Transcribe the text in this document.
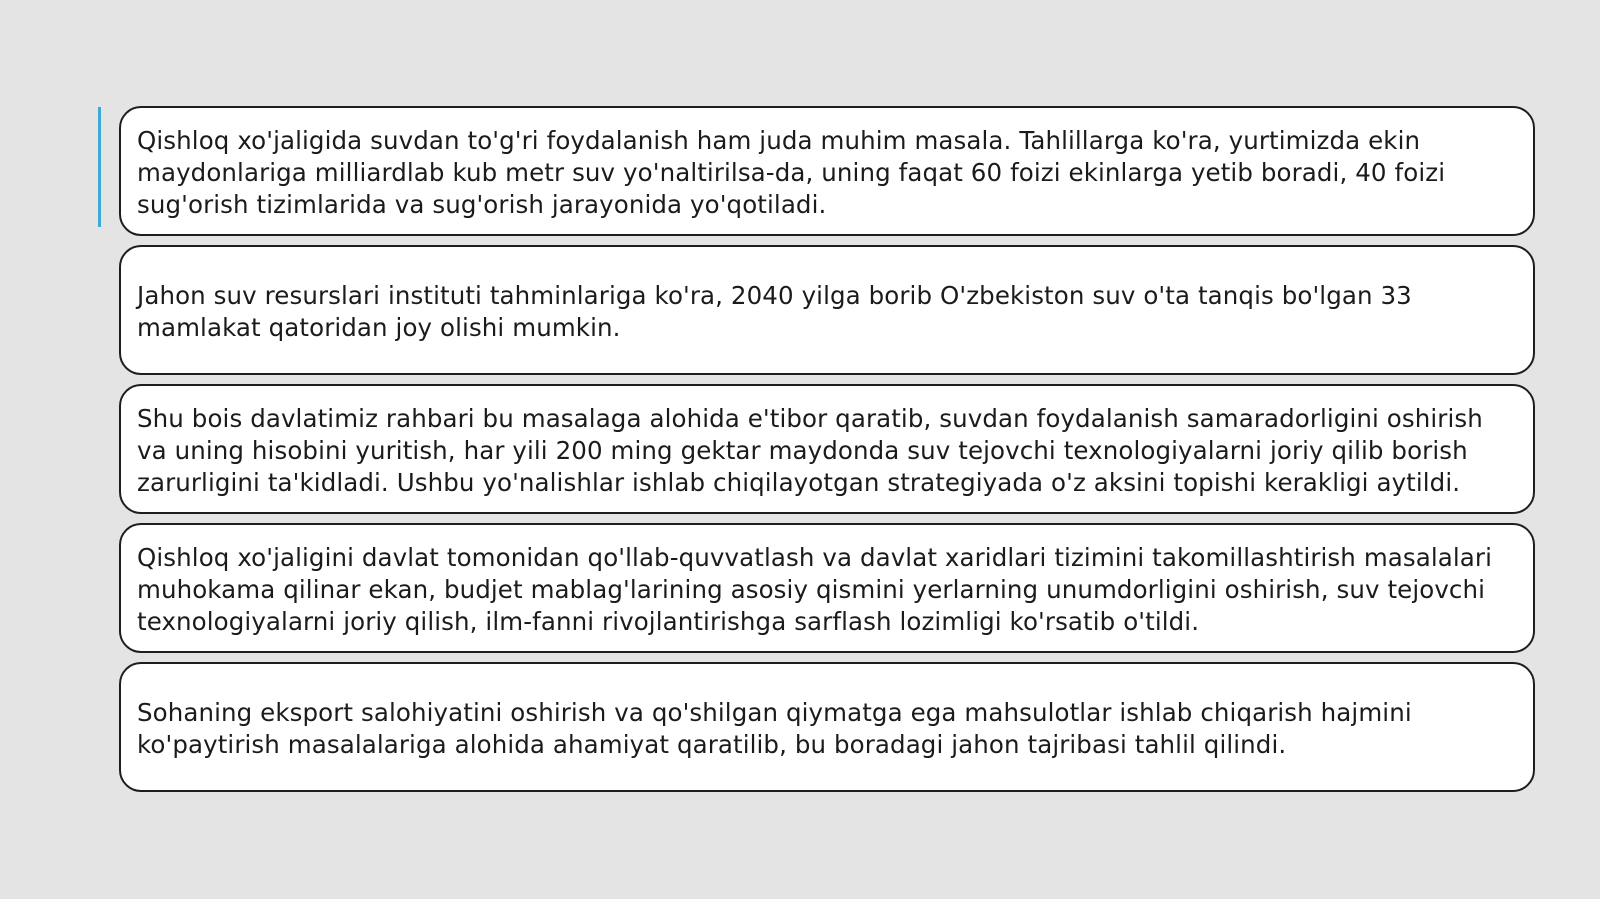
Qishloq xo'jaligida suvdan to'g'ri foydalanish ham juda muhim masala. Tahlillarga ko'ra, yurtimizda ekin maydonlariga milliardlab kub metr suv yo'naltirilsa-da, uning faqat 60 foizi ekinlarga yetib boradi, 40 foizi sug'orish tizimlarida va sug'orish jarayonida yo'qotiladi.

Jahon suv resurslari instituti tahminlariga ko'ra, 2040 yilga borib O'zbekiston suv o'ta tanqis bo'lgan 33 mamlakat qatoridan joy olishi mumkin.

Shu bois davlatimiz rahbari bu masalaga alohida e'tibor qaratib, suvdan foydalanish samaradorligini oshirish va uning hisobini yuritish, har yili 200 ming gektar maydonda suv tejovchi texnologiyalarni joriy qilib borish zarurligini ta'kidladi. Ushbu yo'nalishlar ishlab chiqilayotgan strategiyada o'z aksini topishi kerakligi aytildi.

Qishloq xo'jaligini davlat tomonidan qo'llab-quvvatlash va davlat xaridlari tizimini takomillashtirish masalalari muhokama qilinar ekan, budjet mablag'larining asosiy qismini yerlarning unumdorligini oshirish, suv tejovchi texnologiyalarni joriy qilish, ilm-fanni rivojlantirishga sarflash lozimligi ko'rsatib o'tildi.

Sohaning eksport salohiyatini oshirish va qo'shilgan qiymatga ega mahsulotlar ishlab chiqarish hajmini ko'paytirish masalalariga alohida ahamiyat qaratilib, bu boradagi jahon tajribasi tahlil qilindi.
